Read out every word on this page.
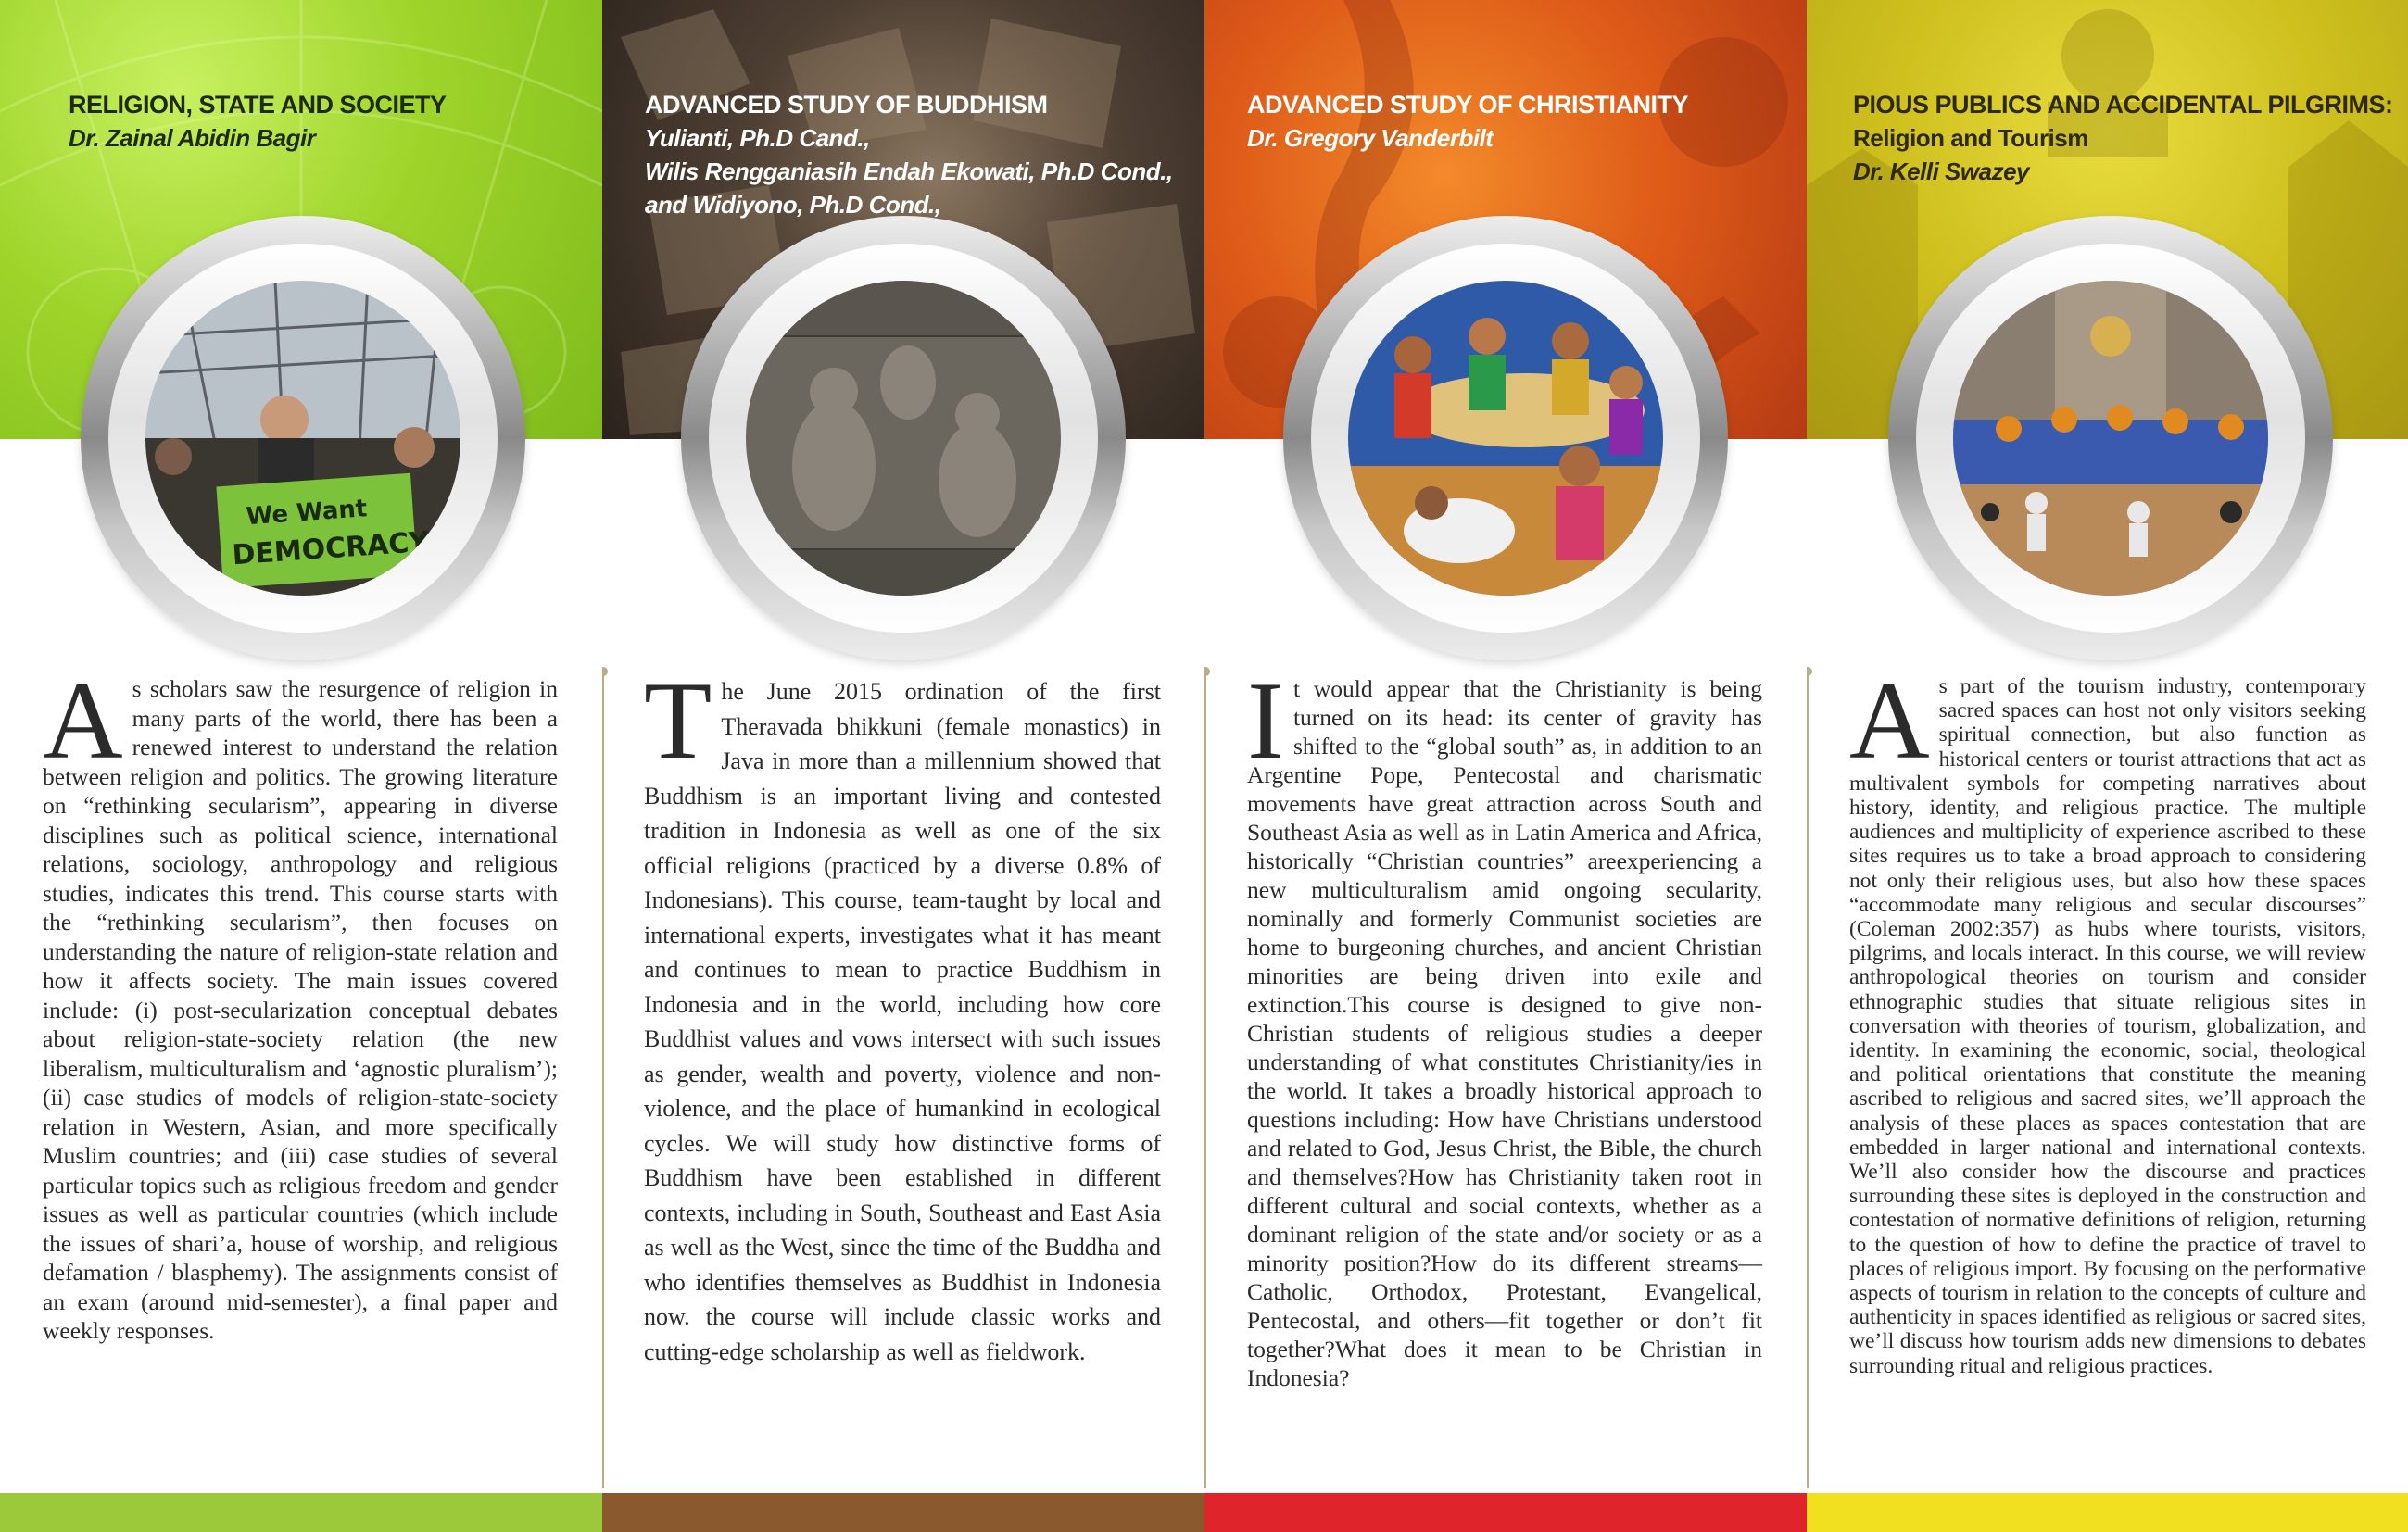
RELIGION, STATE AND SOCIETY
Dr. Zainal Abidin Bagir
We Want
DEMOCRACY
As scholars saw the resurgence of religion in many parts of the world, there has been a renewed interest to understand the relation between religion and politics. The growing literature on “rethinking secularism”, appearing in diverse disciplines such as political science, international relations, sociology, anthropology and religious studies, indicates this trend. This course starts with the “rethinking secularism”, then focuses on understanding the nature of religion-state relation and how it affects society. The main issues covered include: (i) post-secularization conceptual debates about religion-state-society relation (the new liberalism, multiculturalism and ‘agnostic pluralism’); (ii) case studies of models of religion-state-society relation in Western, Asian, and more specifically Muslim countries; and (iii) case studies of several particular topics such as religious freedom and gender issues as well as particular countries (which include the issues of shari’a, house of worship, and religious defamation / blasphemy). The assignments consist of an exam (around mid-semester), a final paper and weekly responses.
ADVANCED STUDY OF BUDDHISM
Yulianti, Ph.D Cand.,
Wilis Rengganiasih Endah Ekowati, Ph.D Cond.,
and Widiyono, Ph.D Cond.,
The June 2015 ordination of the first Theravada bhikkuni (female monastics) in Java in more than a millennium showed that Buddhism is an important living and contested tradition in Indonesia as well as one of the six official religions (practiced by a diverse 0.8% of Indonesians). This course, team-taught by local and international experts, investigates what it has meant and continues to mean to practice Buddhism in Indonesia and in the world, including how core Buddhist values and vows intersect with such issues as gender, wealth and poverty, violence and non-violence, and the place of humankind in ecological cycles. We will study how distinctive forms of Buddhism have been established in different contexts, including in South, Southeast and East Asia as well as the West, since the time of the Buddha and who identifies themselves as Buddhist in Indonesia now. the course will include classic works and cutting-edge scholarship as well as fieldwork.
ADVANCED STUDY OF CHRISTIANITY
Dr. Gregory Vanderbilt
It would appear that the Christianity is being turned on its head: its center of gravity has shifted to the “global south” as, in addition to an Argentine Pope, Pentecostal and charismatic movements have great attraction across South and Southeast Asia as well as in Latin America and Africa, historically “Christian countries” areexperiencing a new multiculturalism amid ongoing secularity, nominally and formerly Communist societies are home to burgeoning churches, and ancient Christian minorities are being driven into exile and extinction.This course is designed to give non-Christian students of religious studies a deeper understanding of what constitutes Christianity/ies in the world. It takes a broadly historical approach to questions including: How have Christians understood and related to God, Jesus Christ, the Bible, the church and themselves?How has Christianity taken root in different cultural and social contexts, whether as a dominant religion of the state and/or society or as a minority position?How do its different streams—Catholic, Orthodox, Protestant, Evangelical, Pentecostal, and others—fit together or don’t fit together?What does it mean to be Christian in Indonesia?
PIOUS PUBLICS AND ACCIDENTAL PILGRIMS:
Religion and Tourism
Dr. Kelli Swazey
As part of the tourism industry, contemporary sacred spaces can host not only visitors seeking spiritual connection, but also function as historical centers or tourist attractions that act as multivalent symbols for competing narratives about history, identity, and religious practice. The multiple audiences and multiplicity of experience ascribed to these sites requires us to take a broad approach to considering not only their religious uses, but also how these spaces “accommodate many religious and secular discourses” (Coleman 2002:357) as hubs where tourists, visitors, pilgrims, and locals interact. In this course, we will review anthropological theories on tourism and consider ethnographic studies that situate religious sites in conversation with theories of tourism, globalization, and identity. In examining the economic, social, theological and political orientations that constitute the meaning ascribed to religious and sacred sites, we’ll approach the analysis of these places as spaces contestation that are embedded in larger national and international contexts. We’ll also consider how the discourse and practices surrounding these sites is deployed in the construction and contestation of normative definitions of religion, returning to the question of how to define the practice of travel to places of religious import. By focusing on the performative aspects of tourism in relation to the concepts of culture and authenticity in spaces identified as religious or sacred sites, we’ll discuss how tourism adds new dimensions to debates surrounding ritual and religious practices.
